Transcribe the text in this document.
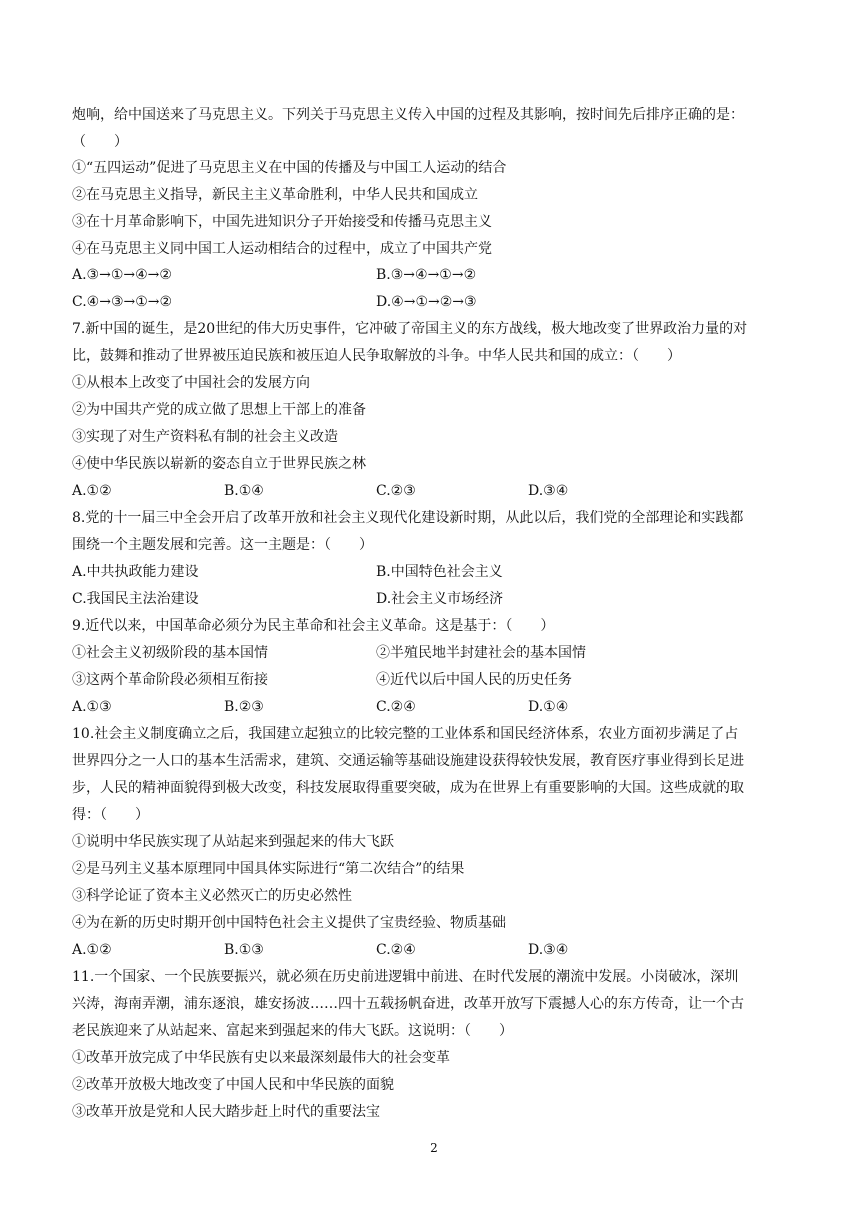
炮响，给中国送来了马克思主义。下列关于马克思主义传入中国的过程及其影响，按时间先后排序正确的是：
（　　）
①“五四运动”促进了马克思主义在中国的传播及与中国工人运动的结合
②在马克思主义指导，新民主主义革命胜利，中华人民共和国成立
③在十月革命影响下，中国先进知识分子开始接受和传播马克思主义
④在马克思主义同中国工人运动相结合的过程中，成立了中国共产党
A.③→①→④→②	B.③→④→①→②
C.④→③→①→②	D.④→①→②→③
7.新中国的诞生，是20世纪的伟大历史事件，它冲破了帝国主义的东方战线，极大地改变了世界政治力量的对
比，鼓舞和推动了世界被压迫民族和被压迫人民争取解放的斗争。中华人民共和国的成立：（　　）
①从根本上改变了中国社会的发展方向
②为中国共产党的成立做了思想上干部上的准备
③实现了对生产资料私有制的社会主义改造
④使中华民族以崭新的姿态自立于世界民族之林
A.①②	B.①④	C.②③	D.③④
8.党的十一届三中全会开启了改革开放和社会主义现代化建设新时期，从此以后，我们党的全部理论和实践都
围绕一个主题发展和完善。这一主题是：（　　）
A.中共执政能力建设	B.中国特色社会主义
C.我国民主法治建设	D.社会主义市场经济
9.近代以来，中国革命必须分为民主革命和社会主义革命。这是基于：（　　）
①社会主义初级阶段的基本国情	②半殖民地半封建社会的基本国情
③这两个革命阶段必须相互衔接	④近代以后中国人民的历史任务
A.①③	B.②③	C.②④	D.①④
10.社会主义制度确立之后，我国建立起独立的比较完整的工业体系和国民经济体系，农业方面初步满足了占
世界四分之一人口的基本生活需求，建筑、交通运输等基础设施建设获得较快发展，教育医疗事业得到长足进
步，人民的精神面貌得到极大改变，科技发展取得重要突破，成为在世界上有重要影响的大国。这些成就的取
得：（　　）
①说明中华民族实现了从站起来到强起来的伟大飞跃
②是马列主义基本原理同中国具体实际进行“第二次结合”的结果
③科学论证了资本主义必然灭亡的历史必然性
④为在新的历史时期开创中国特色社会主义提供了宝贵经验、物质基础
A.①②	B.①③	C.②④	D.③④
11.一个国家、一个民族要振兴，就必须在历史前进逻辑中前进、在时代发展的潮流中发展。小岗破冰，深圳
兴涛，海南弄潮，浦东逐浪，雄安扬波……四十五载扬帆奋进，改革开放写下震撼人心的东方传奇，让一个古
老民族迎来了从站起来、富起来到强起来的伟大飞跃。这说明：（　　）
①改革开放完成了中华民族有史以来最深刻最伟大的社会变革
②改革开放极大地改变了中国人民和中华民族的面貌
③改革开放是党和人民大踏步赶上时代的重要法宝
2
